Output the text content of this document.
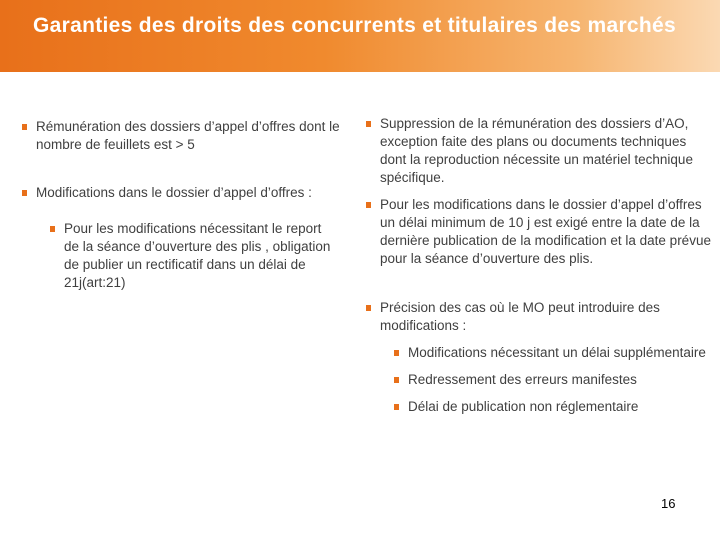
Garanties des droits des concurrents et titulaires des marchés
Rémunération des dossiers d’appel d’offres dont le nombre de feuillets est > 5
Modifications dans le dossier d’appel d’offres :
Pour les modifications nécessitant le report de la séance d’ouverture des plis , obligation de publier un rectificatif dans un délai de 21j(art:21)
Suppression de la rémunération des dossiers d’AO, exception faite des plans ou documents techniques dont la reproduction nécessite un matériel technique spécifique.
Pour les modifications dans le dossier d’appel d’offres un délai minimum de 10 j est exigé entre la date de la dernière publication de la modification et la date prévue pour la séance d’ouverture des plis.
Précision des cas où le MO peut introduire des modifications :
Modifications nécessitant un délai supplémentaire
Redressement des erreurs manifestes
Délai de publication non réglementaire
16
